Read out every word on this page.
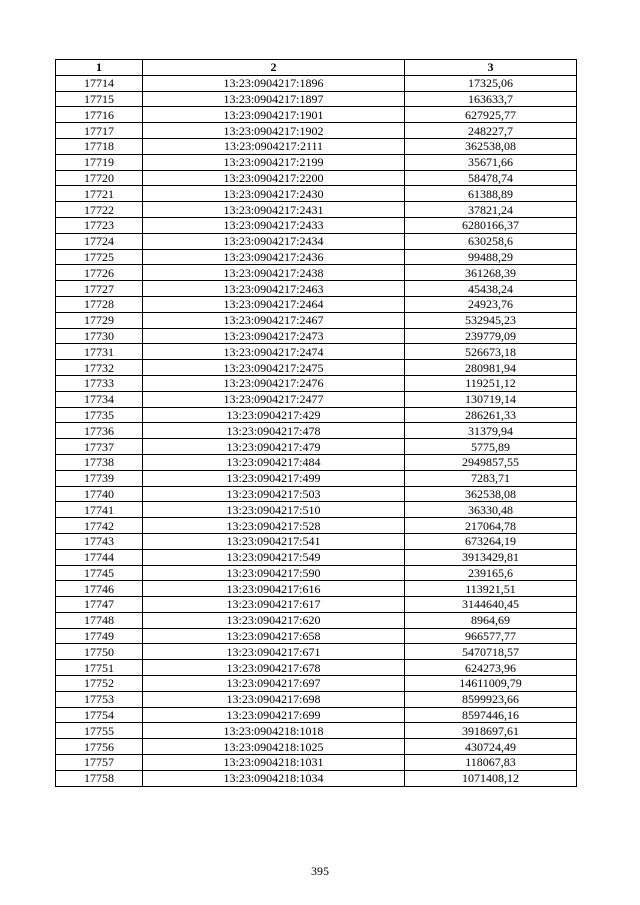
1	2	3
17714	13:23:0904217:1896	17325,06
17715	13:23:0904217:1897	163633,7
17716	13:23:0904217:1901	627925,77
17717	13:23:0904217:1902	248227,7
17718	13:23:0904217:2111	362538,08
17719	13:23:0904217:2199	35671,66
17720	13:23:0904217:2200	58478,74
17721	13:23:0904217:2430	61388,89
17722	13:23:0904217:2431	37821,24
17723	13:23:0904217:2433	6280166,37
17724	13:23:0904217:2434	630258,6
17725	13:23:0904217:2436	99488,29
17726	13:23:0904217:2438	361268,39
17727	13:23:0904217:2463	45438,24
17728	13:23:0904217:2464	24923,76
17729	13:23:0904217:2467	532945,23
17730	13:23:0904217:2473	239779,09
17731	13:23:0904217:2474	526673,18
17732	13:23:0904217:2475	280981,94
17733	13:23:0904217:2476	119251,12
17734	13:23:0904217:2477	130719,14
17735	13:23:0904217:429	286261,33
17736	13:23:0904217:478	31379,94
17737	13:23:0904217:479	5775,89
17738	13:23:0904217:484	2949857,55
17739	13:23:0904217:499	7283,71
17740	13:23:0904217:503	362538,08
17741	13:23:0904217:510	36330,48
17742	13:23:0904217:528	217064,78
17743	13:23:0904217:541	673264,19
17744	13:23:0904217:549	3913429,81
17745	13:23:0904217:590	239165,6
17746	13:23:0904217:616	113921,51
17747	13:23:0904217:617	3144640,45
17748	13:23:0904217:620	8964,69
17749	13:23:0904217:658	966577,77
17750	13:23:0904217:671	5470718,57
17751	13:23:0904217:678	624273,96
17752	13:23:0904217:697	14611009,79
17753	13:23:0904217:698	8599923,66
17754	13:23:0904217:699	8597446,16
17755	13:23:0904218:1018	3918697,61
17756	13:23:0904218:1025	430724,49
17757	13:23:0904218:1031	118067,83
17758	13:23:0904218:1034	1071408,12
395
